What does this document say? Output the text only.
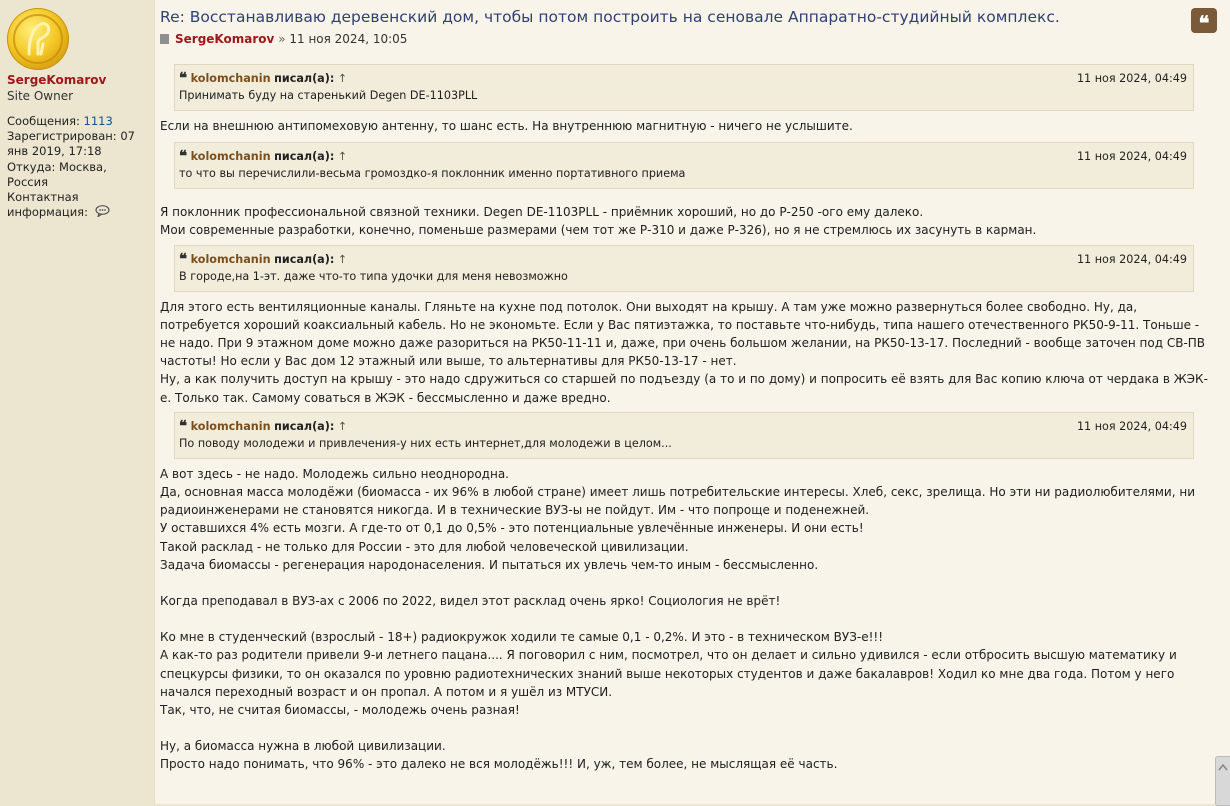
SergeKomarov
Site Owner
Сообщения: 1113
Зарегистрирован: 07 янв 2019, 17:18
Откуда: Москва, Россия
Контактная информация:
Re: Восстанавливаю деревенский дом, чтобы потом построить на сеновале Аппаратно-студийный комплекс.	❝
SergeKomarov » 11 ноя 2024, 10:05
❝ kolomchanin писал(а): ↑	11 ноя 2024, 04:49
Принимать буду на старенький Degen DE-1103PLL

Если на внешнюю антипомеховую антенну, то шанс есть. На внутреннюю магнитную - ничего не услышите.

❝ kolomchanin писал(а): ↑	11 ноя 2024, 04:49
то что вы перечислили-весьма громоздко-я поклонник именно портативного приема

Я поклонник профессиональной связной техники. Degen DE-1103PLL - приёмник хороший, но до Р-250 -ого ему далеко.

Мои современные разработки, конечно, поменьше размерами (чем тот же Р-310 и даже Р-326), но я не стремлюсь их засунуть в карман.

❝ kolomchanin писал(а): ↑	11 ноя 2024, 04:49
В городе,на 1-эт. даже что-то типа удочки для меня невозможно

Для этого есть вентиляционные каналы. Гляньте на кухне под потолок. Они выходят на крышу. А там уже можно развернуться более свободно. Ну, да, потребуется хороший коаксиальный кабель. Но не экономьте. Если у Вас пятиэтажка, то поставьте что-нибудь, типа нашего отечественного РК50-9-11. Тоньше - не надо. При 9 этажном доме можно даже разориться на РК50-11-11 и, даже, при очень большом желании, на РК50-13-17. Последний - вообще заточен под СВ-ПВ частоты! Но если у Вас дом 12 этажный или выше, то альтернативы для РК50-13-17 - нет.

Ну, а как получить доступ на крышу - это надо сдружиться со старшей по подъезду (а то и по дому) и попросить её взять для Вас копию ключа от чердака в ЖЭК-е. Только так. Самому соваться в ЖЭК - бессмысленно и даже вредно.

❝ kolomchanin писал(а): ↑	11 ноя 2024, 04:49
По поводу молодежи и привлечения-у них есть интернет,для молодежи в целом...

А вот здесь - не надо. Молодежь сильно неоднородна.

Да, основная масса молодёжи (биомасса - их 96% в любой стране) имеет лишь потребительские интересы. Хлеб, секс, зрелища. Но эти ни радиолюбителями, ни радиоинженерами не становятся никогда. И в технические ВУЗ-ы не пойдут. Им - что попроще и поденежней.

У оставшихся 4% есть мозги. А где-то от 0,1 до 0,5% - это потенциальные увлечённые инженеры. И они есть!

Такой расклад - не только для России - это для любой человеческой цивилизации.

Задача биомассы - регенерация народонаселения. И пытаться их увлечь чем-то иным - бессмысленно.

Когда преподавал в ВУЗ-ах с 2006 по 2022, видел этот расклад очень ярко! Социология не врёт!

Ко мне в студенческий (взрослый - 18+) радиокружок ходили те самые 0,1 - 0,2%. И это - в техническом ВУЗ-е!!!

А как-то раз родители привели 9-и летнего пацана.... Я поговорил с ним, посмотрел, что он делает и сильно удивился - если отбросить высшую математику и спецкурсы физики, то он оказался по уровню радиотехнических знаний выше некоторых студентов и даже бакалавров! Ходил ко мне два года. Потом у него начался переходный возраст и он пропал. А потом и я ушёл из МТУСИ.

Так, что, не считая биомассы, - молодежь очень разная!

Ну, а биомасса нужна в любой цивилизации.

Просто надо понимать, что 96% - это далеко не вся молодёжь!!! И, уж, тем более, не мыслящая её часть.
